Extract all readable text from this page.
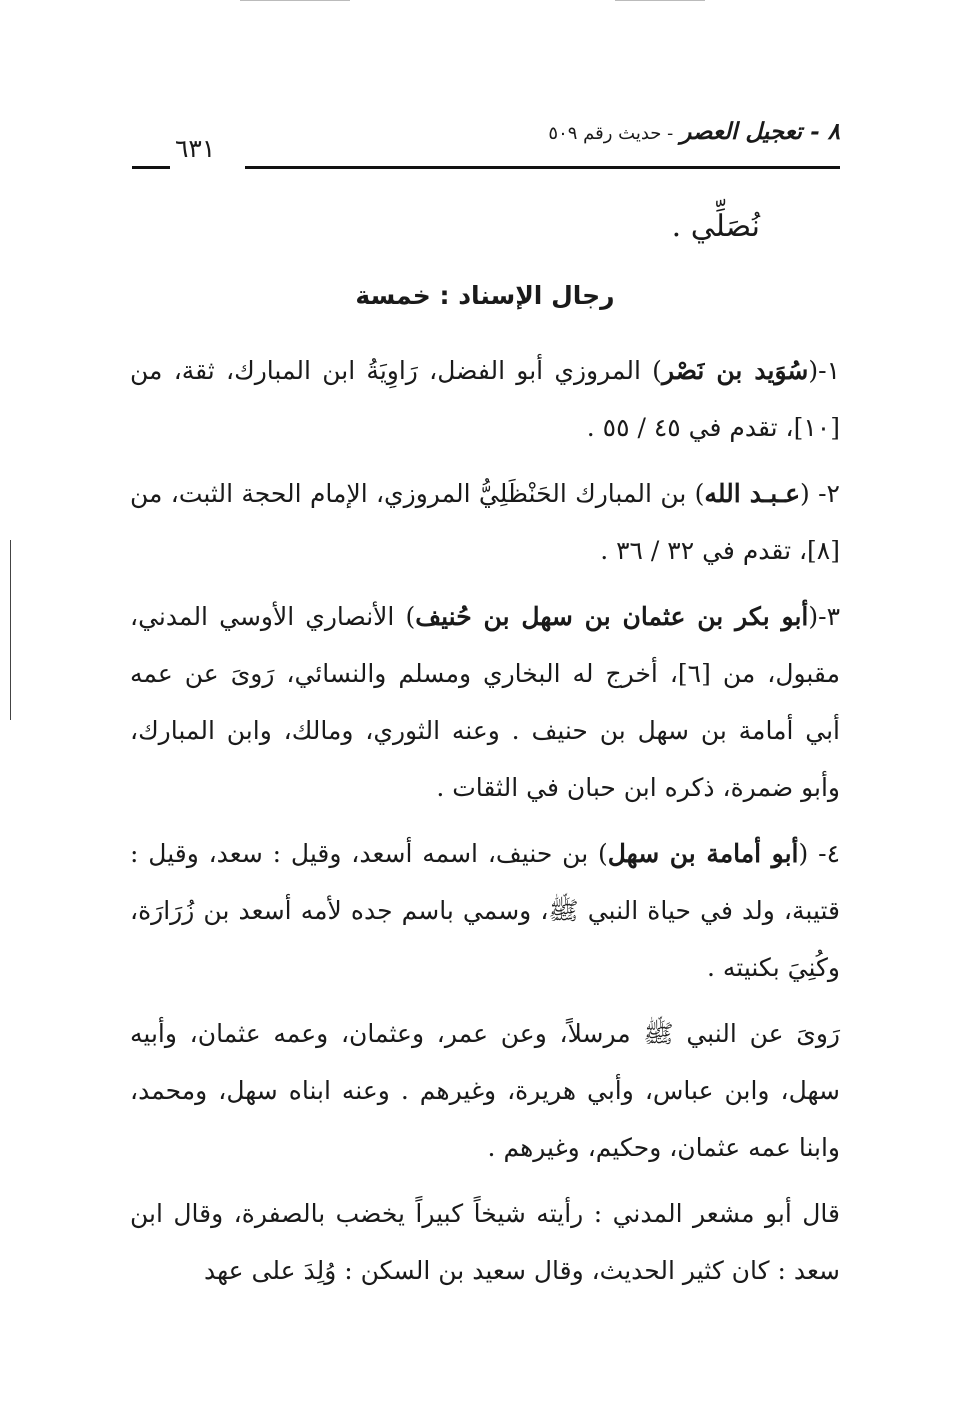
٨ - تعجيل العصر - حديث رقم ٥٠٩
٦٣١

نُصَلِّي .

رجال الإسناد : خمسة

١-(سُوَيد بن نَصْر) المروزي أبو الفضل، رَاوِيَةُ ابن المبارك، ثقة، من [١٠]، تقدم في ٤٥ / ٥٥ .

٢- (عـبـد الله) بن المبارك الحَنْظَلِيُّ المروزي، الإمام الحجة الثبت، من [٨]، تقدم في ٣٢ / ٣٦ .

٣-(أبو بكر بن عثمان بن سهل بن حُنيف) الأنصاري الأوسي المدني، مقبول، من [٦]، أخرج له البخاري ومسلم والنسائي، رَوىَ عن عمه أبي أمامة بن سهل بن حنيف . وعنه الثوري، ومالك، وابن المبارك، وأبو ضمرة، ذكره ابن حبان في الثقات .

٤- (أبو أمامة بن سهل) بن حنيف، اسمه أسعد، وقيل : سعد، وقيل : قتيبة، ولد في حياة النبي ﷺ، وسمي باسم جده لأمه أسعد بن زُرَارَة، وكُنِيَ بكنيته .

رَوىَ عن النبي ﷺ مرسلاً، وعن عمر، وعثمان، وعمه عثمان، وأبيه سهل، وابن عباس، وأبي هريرة، وغيرهم . وعنه ابناه سهل، ومحمد، وابنا عمه عثمان، وحكيم، وغيرهم .

قال أبو مشعر المدني : رأيته شيخاً كبيراً يخضب بالصفرة، وقال ابن سعد : كان كثير الحديث، وقال سعيد بن السكن : وُلِدَ على عهد
